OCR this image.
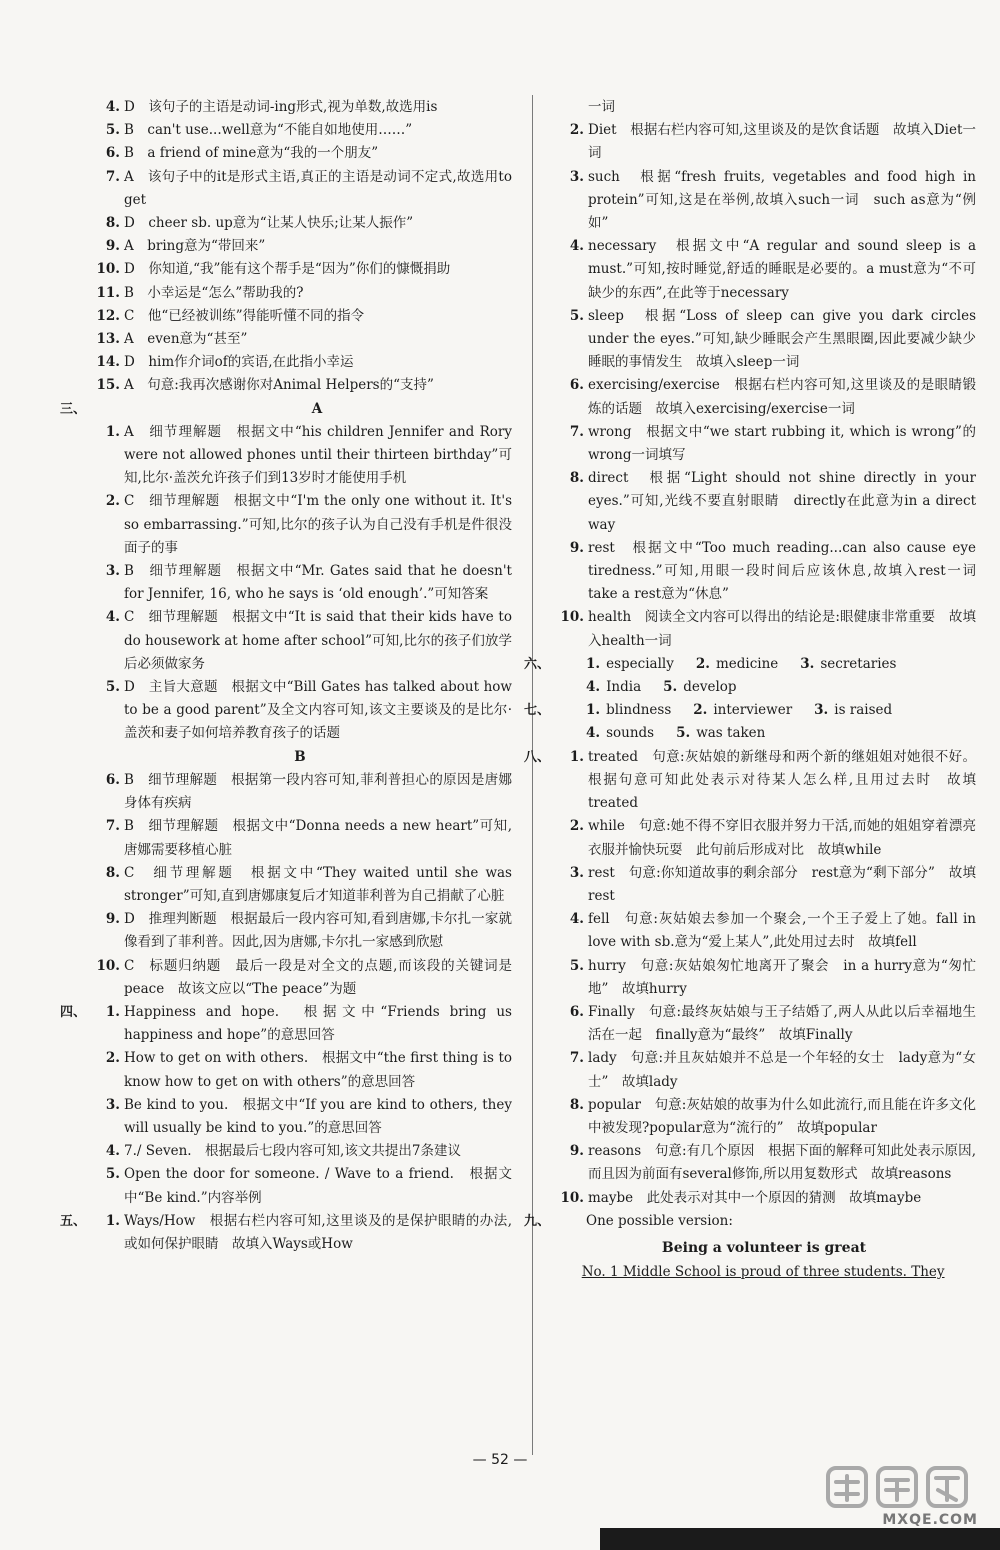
4. D　该句子的主语是动词-ing形式,视为单数,故选用is
5. B　can't use...well意为“不能自如地使用……”
6. B　a friend of mine意为“我的一个朋友”
7. A　该句子中的it是形式主语,真正的主语是动词不定式,故选用to get
8. D　cheer sb. up意为“让某人快乐;让某人振作”
9. A　bring意为“带回来”
10. D　你知道,“我”能有这个帮手是“因为”你们的慷慨捐助
11. B　小幸运是“怎么”帮助我的?
12. C　他“已经被训练”得能听懂不同的指令
13. A　even意为“甚至”
14. D　him作介词of的宾语,在此指小幸运
15. A　句意:我再次感谢你对Animal Helpers的“支持”
三、	A
1. A　细节理解题　根据文中“his children Jennifer and Rory were not allowed phones until their thirteen birthday”可知,比尔·盖茨允许孩子们到13岁时才能使用手机
2. C　细节理解题　根据文中“I'm the only one without it. It's so embarrassing.”可知,比尔的孩子认为自己没有手机是件很没面子的事
3. B　细节理解题　根据文中“Mr. Gates said that he doesn't for Jennifer, 16, who he says is ‘old enough’.”可知答案
4. C　细节理解题　根据文中“It is said that their kids have to do housework at home after school”可知,比尔的孩子们放学后必须做家务
5. D　主旨大意题　根据文中“Bill Gates has talked about how to be a good parent”及全文内容可知,该文主要谈及的是比尔·盖茨和妻子如何培养教育孩子的话题
B
6. B　细节理解题　根据第一段内容可知,菲利普担心的原因是唐娜身体有疾病
7. B　细节理解题　根据文中“Donna needs a new heart”可知,唐娜需要移植心脏
8. C　细节理解题　根据文中“They waited until she was stronger”可知,直到唐娜康复后才知道菲利普为自己捐献了心脏
9. D　推理判断题　根据最后一段内容可知,看到唐娜,卡尔扎一家就像看到了菲利普。因此,因为唐娜,卡尔扎一家感到欣慰
10. C　标题归纳题　最后一段是对全文的点题,而该段的关键词是peace　故该文应以“The peace”为题
四、	1. Happiness and hope.　根据文中“Friends bring us happiness and hope”的意思回答
2. How to get on with others.　根据文中“the first thing is to know how to get on with others”的意思回答
3. Be kind to you.　根据文中“If you are kind to others, they will usually be kind to you.”的意思回答
4. 7./ Seven.　根据最后七段内容可知,该文共提出7条建议
5. Open the door for someone. / Wave to a friend.　根据文中“Be kind.”内容举例
五、	1. Ways/How　根据右栏内容可知,这里谈及的是保护眼睛的办法,或如何保护眼睛　故填入Ways或How
一词
2. Diet　根据右栏内容可知,这里谈及的是饮食话题　故填入Diet一词
3. such　根据“fresh fruits, vegetables and food high in protein”可知,这是在举例,故填入such一词　such as意为“例如”
4. necessary　根据文中“A regular and sound sleep is a must.”可知,按时睡觉,舒适的睡眠是必要的。a must意为“不可缺少的东西”,在此等于necessary
5. sleep　根据“Loss of sleep can give you dark circles under the eyes.”可知,缺少睡眠会产生黑眼圈,因此要减少缺少睡眠的事情发生　故填入sleep一词
6. exercising/exercise　根据右栏内容可知,这里谈及的是眼睛锻炼的话题　故填入exercising/exercise一词
7. wrong　根据文中“we start rubbing it, which is wrong”的wrong一词填写
8. direct　根据“Light should not shine directly in your eyes.”可知,光线不要直射眼睛　directly在此意为in a direct way
9. rest　根据文中“Too much reading...can also cause eye tiredness.”可知,用眼一段时间后应该休息,故填入rest一词　take a rest意为“休息”
10. health　阅读全文内容可以得出的结论是:眼健康非常重要　故填入health一词
六、	1. especially 2. medicine 3. secretaries
4. India 5. develop
七、	1. blindness 2. interviewer 3. is raised
4. sounds 5. was taken
八、	1. treated　句意:灰姑娘的新继母和两个新的继姐姐对她很不好。根据句意可知此处表示对待某人怎么样,且用过去时　故填treated
2. while　句意:她不得不穿旧衣服并努力干活,而她的姐姐穿着漂亮衣服并愉快玩耍　此句前后形成对比　故填while
3. rest　句意:你知道故事的剩余部分　rest意为“剩下部分”　故填rest
4. fell　句意:灰姑娘去参加一个聚会,一个王子爱上了她。fall in love with sb.意为“爱上某人”,此处用过去时　故填fell
5. hurry　句意:灰姑娘匆忙地离开了聚会　in a hurry意为“匆忙地”　故填hurry
6. Finally　句意:最终灰姑娘与王子结婚了,两人从此以后幸福地生活在一起　finally意为“最终”　故填Finally
7. lady　句意:并且灰姑娘并不总是一个年轻的女士　lady意为“女士”　故填lady
8. popular　句意:灰姑娘的故事为什么如此流行,而且能在许多文化中被发现?popular意为“流行的”　故填popular
9. reasons　句意:有几个原因　根据下面的解释可知此处表示原因,而且因为前面有several修饰,所以用复数形式　故填reasons
10. maybe　此处表示对其中一个原因的猜测　故填maybe
九、	One possible version:
Being a volunteer is great
No. 1 Middle School is proud of three students. They
— 52 —
MXQE.COM
